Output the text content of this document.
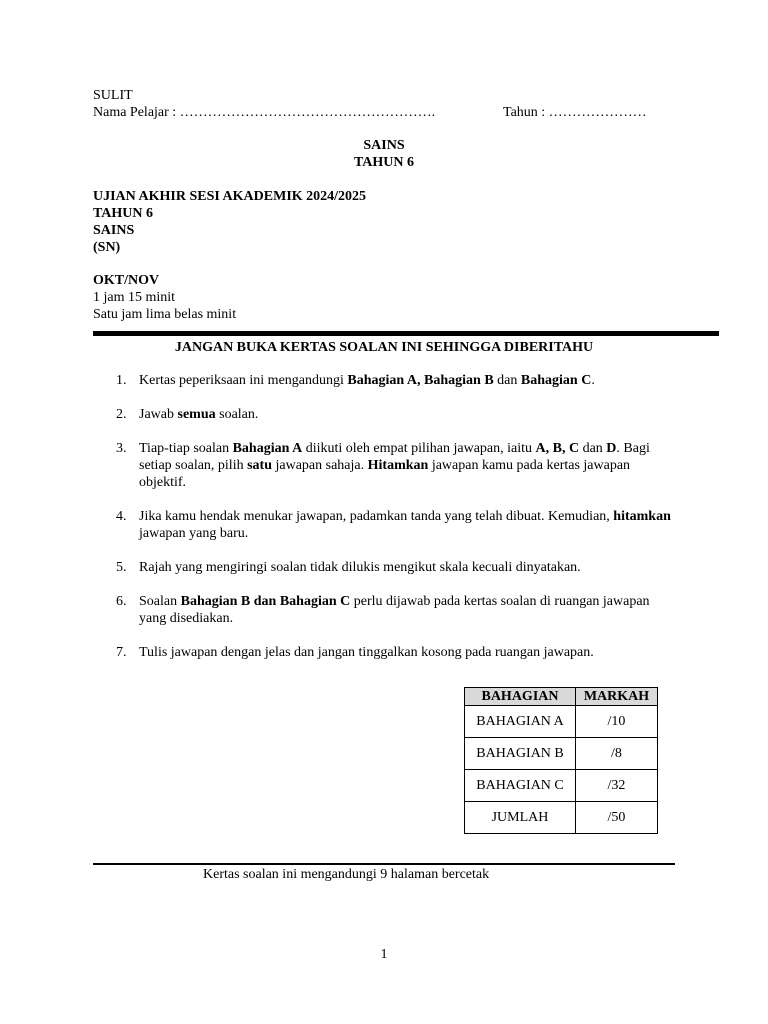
SULIT
Nama Pelajar : ……………………………………………….	Tahun : …………………
SAINS
TAHUN 6
UJIAN AKHIR SESI AKADEMIK 2024/2025
TAHUN 6
SAINS
(SN)
OKT/NOV
1 jam 15 minit
Satu jam lima belas minit
JANGAN BUKA KERTAS SOALAN INI SEHINGGA DIBERITAHU
1. Kertas peperiksaan ini mengandungi Bahagian A, Bahagian B dan Bahagian C.
2. Jawab semua soalan.
3. Tiap-tiap soalan Bahagian A diikuti oleh empat pilihan jawapan, iaitu A, B, C dan D. Bagi setiap soalan, pilih satu jawapan sahaja. Hitamkan jawapan kamu pada kertas jawapan objektif.
4. Jika kamu hendak menukar jawapan, padamkan tanda yang telah dibuat. Kemudian, hitamkan jawapan yang baru.
5. Rajah yang mengiringi soalan tidak dilukis mengikut skala kecuali dinyatakan.
6. Soalan Bahagian B dan Bahagian C perlu dijawab pada kertas soalan di ruangan jawapan yang disediakan.
7. Tulis jawapan dengan jelas dan jangan tinggalkan kosong pada ruangan jawapan.
BAHAGIAN	MARKAH
BAHAGIAN A	/10
BAHAGIAN B	/8
BAHAGIAN C	/32
JUMLAH	/50
Kertas soalan ini mengandungi 9 halaman bercetak
1
